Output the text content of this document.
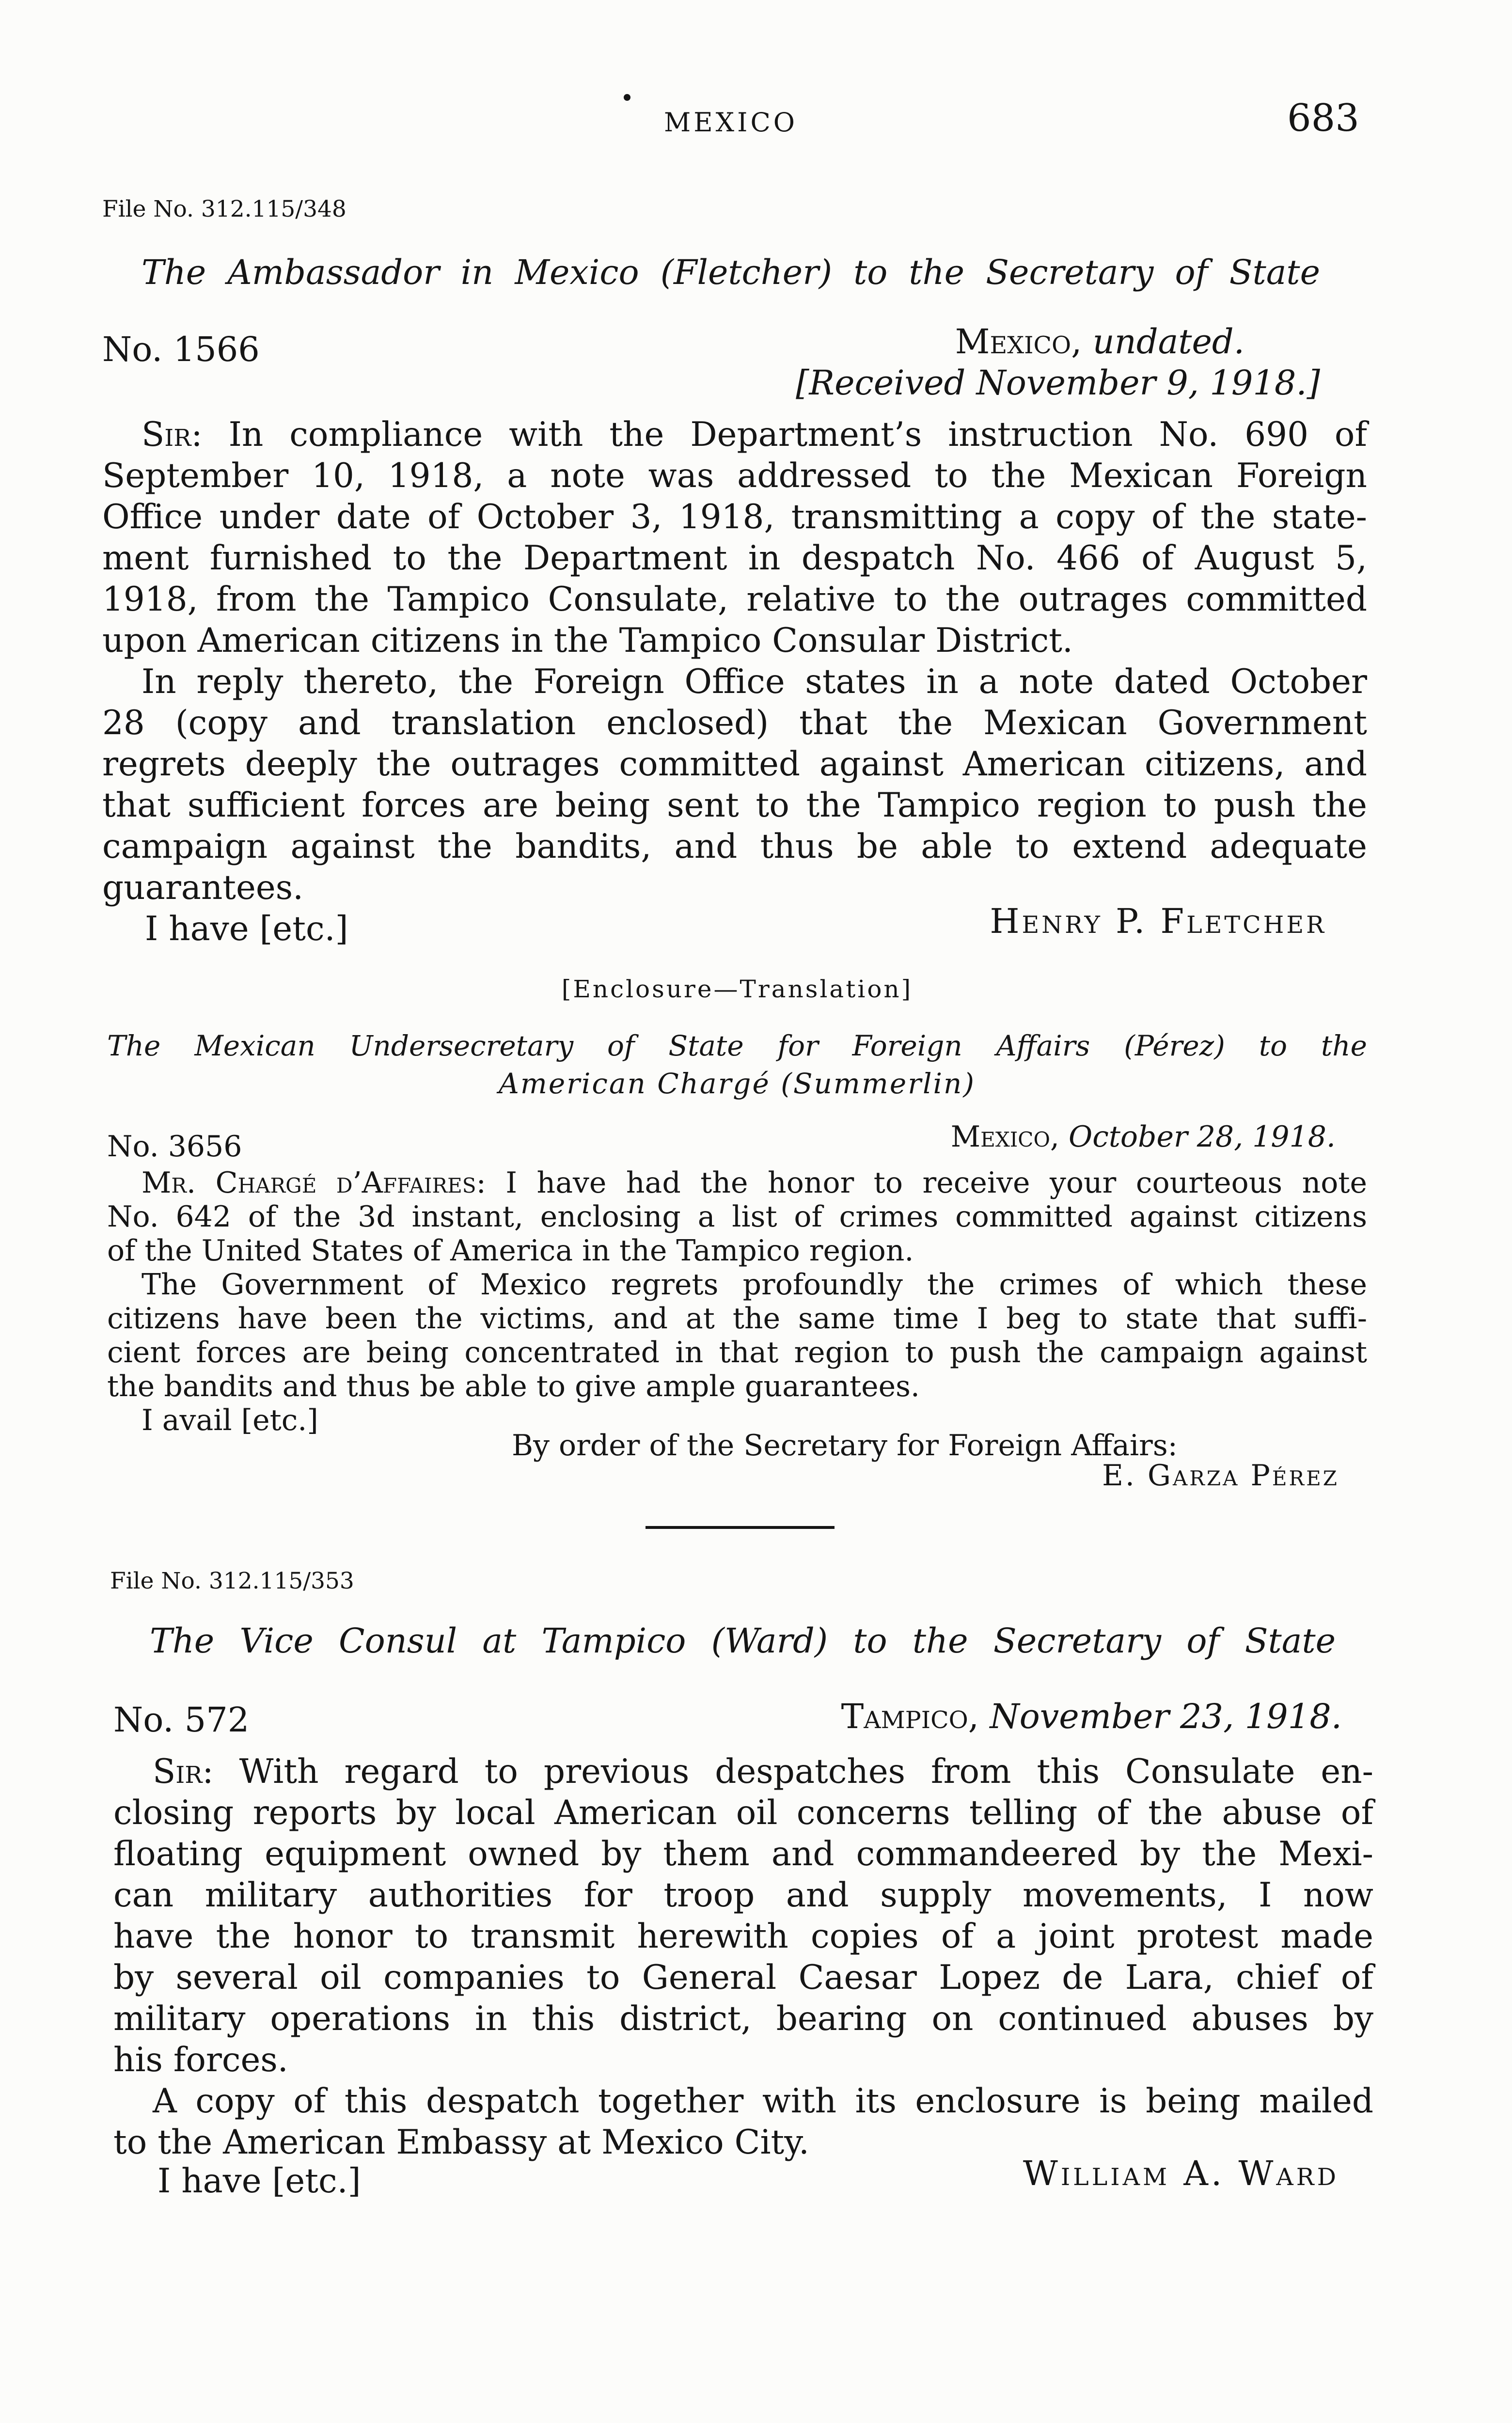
MEXICO	683
File No. 312.115/348
The Ambassador in Mexico (Fletcher) to the Secretary of State
No. 1566	Mexico, undated.
[Received November 9, 1918.]
Sir: In compliance with the Department’s instruction No. 690 of
September 10, 1918, a note was addressed to the Mexican Foreign
Office under date of October 3, 1918, transmitting a copy of the state-
ment furnished to the Department in despatch No. 466 of August 5,
1918, from the Tampico Consulate, relative to the outrages committed
upon American citizens in the Tampico Consular District.
In reply thereto, the Foreign Office states in a note dated October
28 (copy and translation enclosed) that the Mexican Government
regrets deeply the outrages committed against American citizens, and
that sufficient forces are being sent to the Tampico region to push the
campaign against the bandits, and thus be able to extend adequate
guarantees.
I have [etc.]	Henry P. Fletcher
[Enclosure—Translation]
The Mexican Undersecretary of State for Foreign Affairs (Pérez) to the
American Chargé (Summerlin)
No. 3656	Mexico, October 28, 1918.
Mr. Chargé d’Affaires: I have had the honor to receive your courteous note
No. 642 of the 3d instant, enclosing a list of crimes committed against citizens
of the United States of America in the Tampico region.
The Government of Mexico regrets profoundly the crimes of which these
citizens have been the victims, and at the same time I beg to state that suffi-
cient forces are being concentrated in that region to push the campaign against
the bandits and thus be able to give ample guarantees.
I avail [etc.]
By order of the Secretary for Foreign Affairs:
E. Garza Pérez
File No. 312.115/353
The Vice Consul at Tampico (Ward) to the Secretary of State
No. 572	Tampico, November 23, 1918.
Sir: With regard to previous despatches from this Consulate en-
closing reports by local American oil concerns telling of the abuse of
floating equipment owned by them and commandeered by the Mexi-
can military authorities for troop and supply movements, I now
have the honor to transmit herewith copies of a joint protest made
by several oil companies to General Caesar Lopez de Lara, chief of
military operations in this district, bearing on continued abuses by
his forces.
A copy of this despatch together with its enclosure is being mailed
to the American Embassy at Mexico City.
I have [etc.]	William A. Ward
